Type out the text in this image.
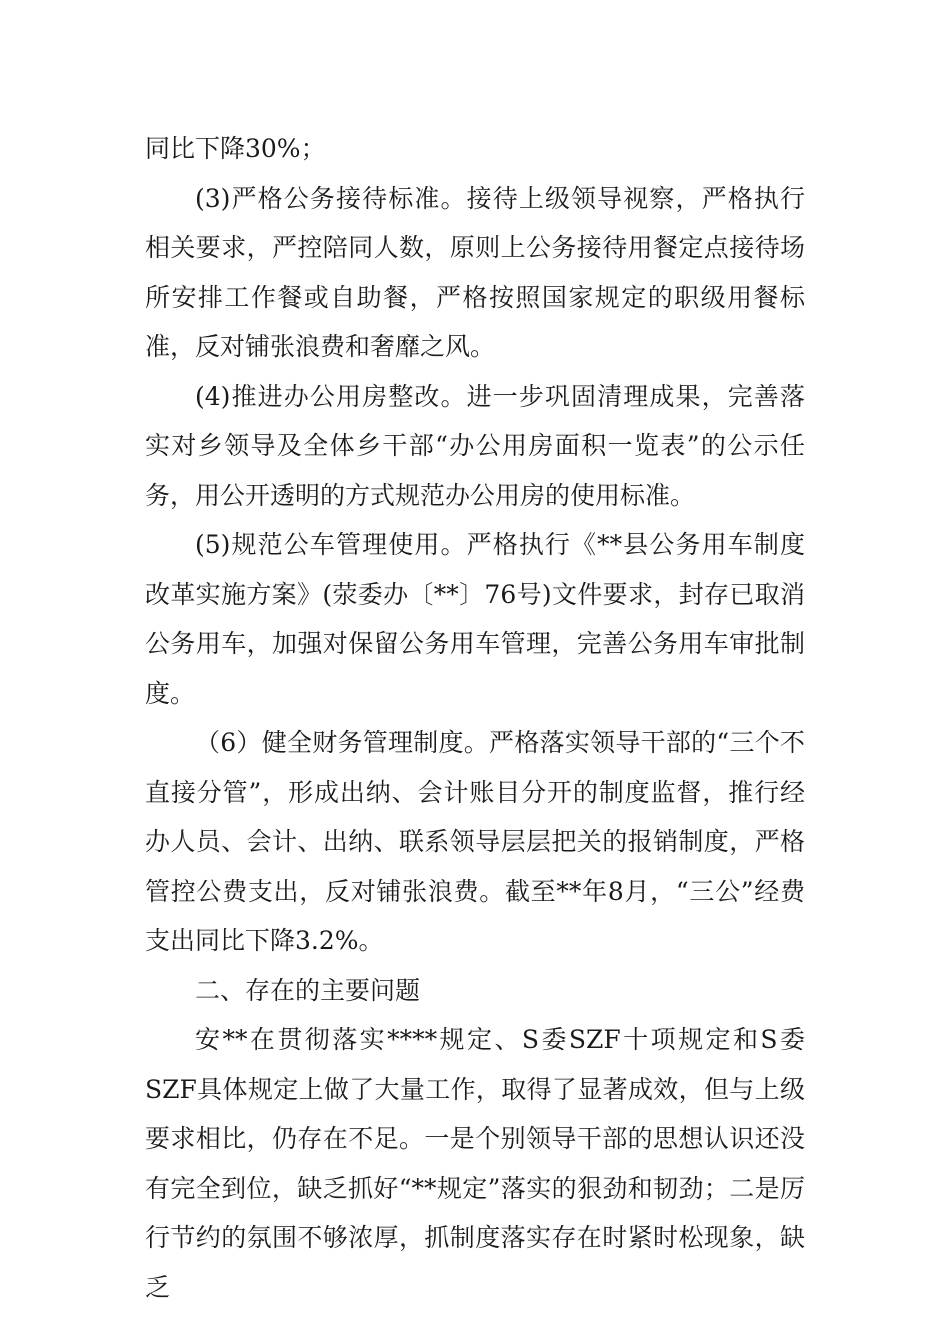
同比下降30%；

(3)严格公务接待标准。接待上级领导视察，严格执行相关要求，严控陪同人数，原则上公务接待用餐定点接待场所安排工作餐或自助餐，严格按照国家规定的职级用餐标准，反对铺张浪费和奢靡之风。

(4)推进办公用房整改。进一步巩固清理成果，完善落实对乡领导及全体乡干部“办公用房面积一览表”的公示任务，用公开透明的方式规范办公用房的使用标准。

(5)规范公车管理使用。严格执行《**县公务用车制度改革实施方案》(荥委办〔**〕76号)文件要求，封存已取消公务用车，加强对保留公务用车管理，完善公务用车审批制度。

（6）健全财务管理制度。严格落实领导干部的“三个不直接分管”，形成出纳、会计账目分开的制度监督，推行经办人员、会计、出纳、联系领导层层把关的报销制度，严格管控公费支出，反对铺张浪费。截至**年8月，“三公”经费支出同比下降3.2%。

二、存在的主要问题

安**在贯彻落实****规定、S委SZF十项规定和S委SZF具体规定上做了大量工作，取得了显著成效，但与上级要求相比，仍存在不足。一是个别领导干部的思想认识还没有完全到位，缺乏抓好“**规定”落实的狠劲和韧劲；二是厉行节约的氛围不够浓厚，抓制度落实存在时紧时松现象，缺乏
